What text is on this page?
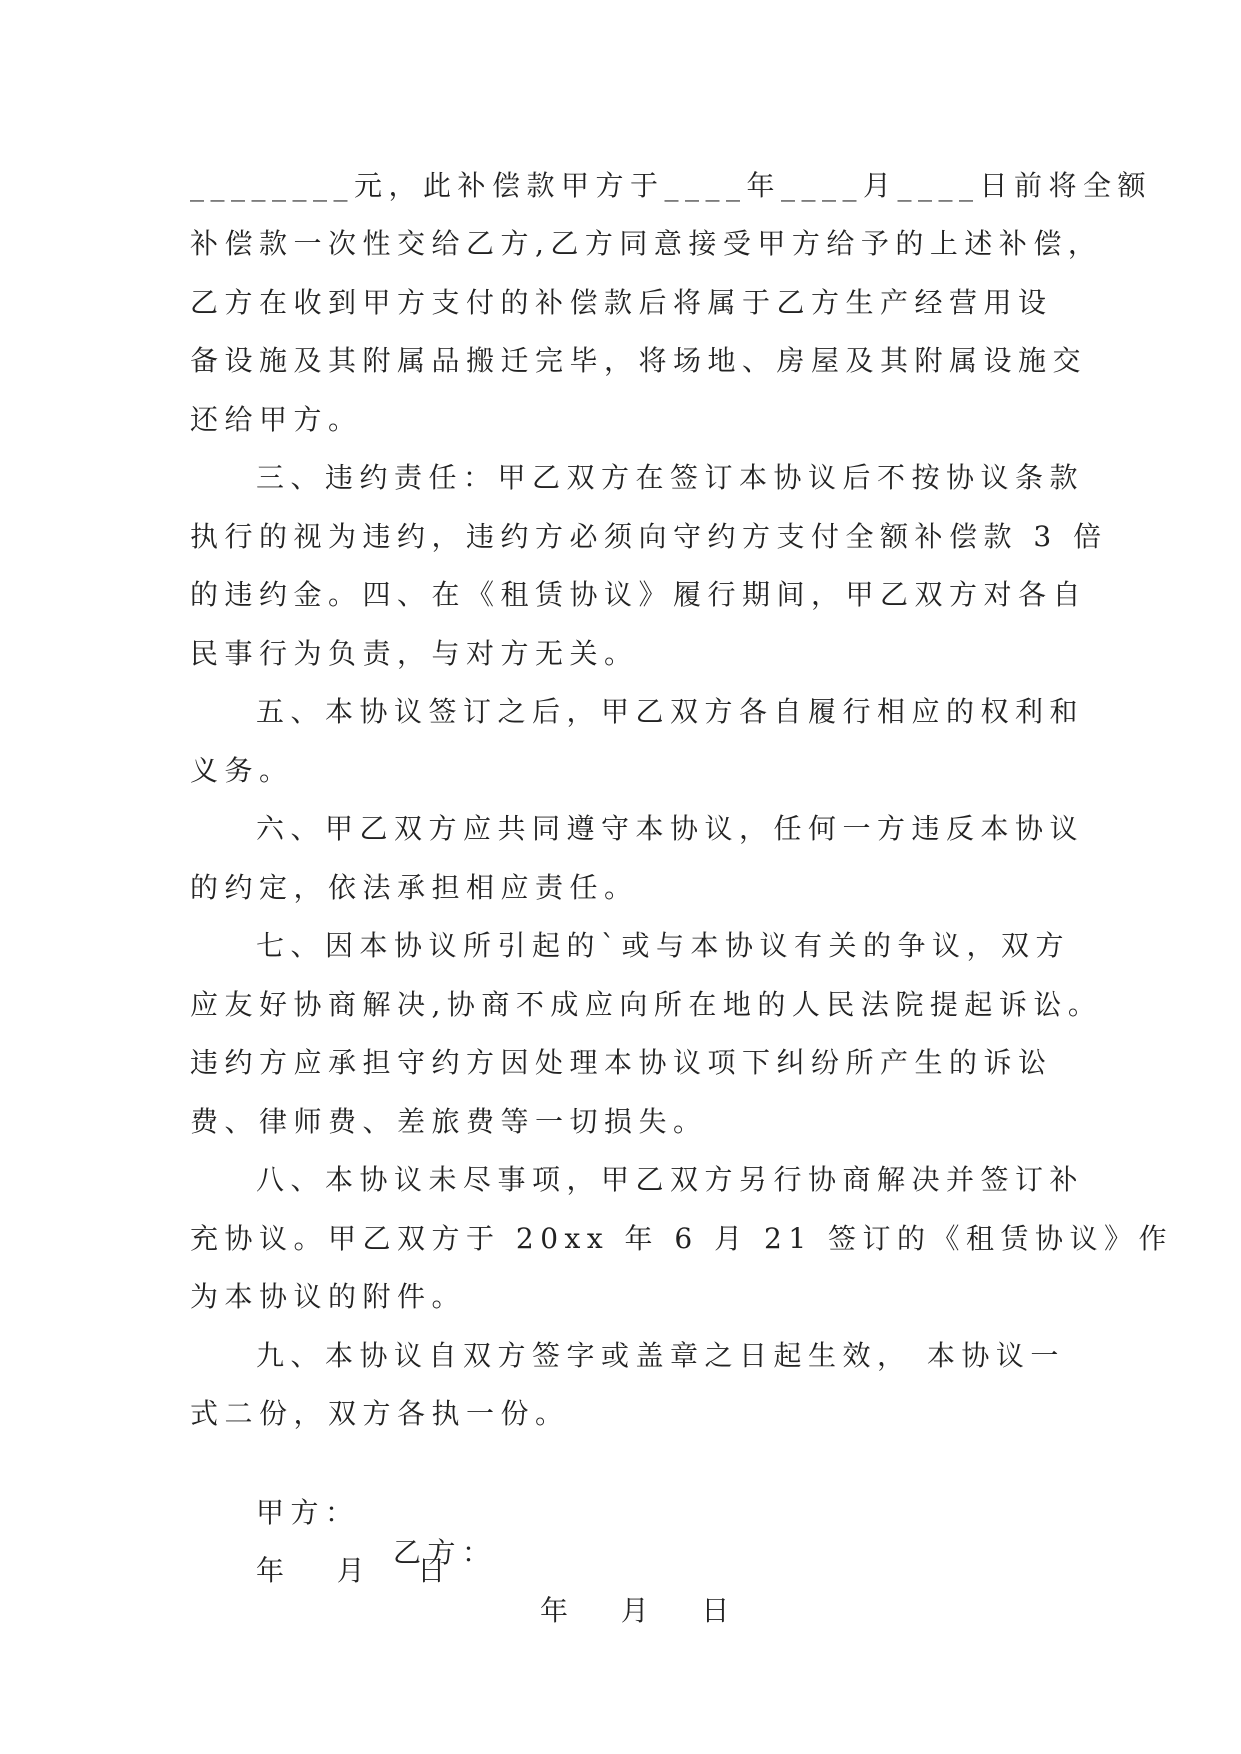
________元，此补偿款甲方于____年____月____日前将全额
补偿款一次性交给乙方,乙方同意接受甲方给予的上述补偿，
乙方在收到甲方支付的补偿款后将属于乙方生产经营用设
备设施及其附属品搬迁完毕，将场地、房屋及其附属设施交
还给甲方。
三、违约责任：甲乙双方在签订本协议后不按协议条款
执行的视为违约，违约方必须向守约方支付全额补偿款 3 倍
的违约金。四、在《租赁协议》履行期间，甲乙双方对各自
民事行为负责，与对方无关。
五、本协议签订之后，甲乙双方各自履行相应的权利和
义务。
六、甲乙双方应共同遵守本协议，任何一方违反本协议
的约定，依法承担相应责任。
七、因本协议所引起的`或与本协议有关的争议，双方
应友好协商解决,协商不成应向所在地的人民法院提起诉讼。
违约方应承担守约方因处理本协议项下纠纷所产生的诉讼
费、律师费、差旅费等一切损失。
八、本协议未尽事项，甲乙双方另行协商解决并签订补
充协议。甲乙双方于 20xx 年 6 月 21 签订的《租赁协议》作
为本协议的附件。
九、本协议自双方签字或盖章之日起生效， 本协议一
式二份，双方各执一份。

甲方：

乙方：

年   月   日

年   月   日
